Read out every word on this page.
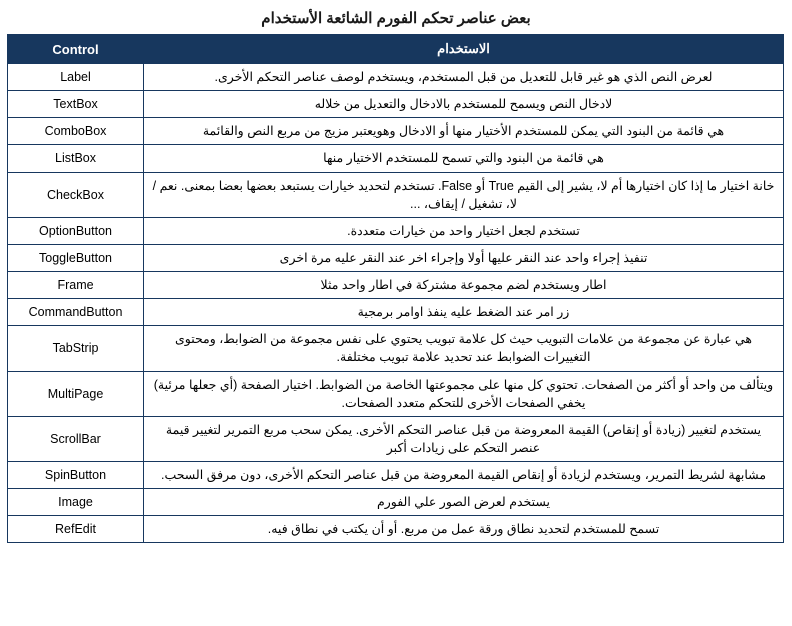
بعض عناصر تحكم الفورم الشائعة الأستخدام
الاستخدام	Control
لعرض النص الذي هو غير قابل للتعديل من قبل المستخدم، ويستخدم لوصف عناصر التحكم الأخرى.	Label
لادخال النص ويسمح للمستخدم بالادخال والتعديل من خلاله	TextBox
هي قائمة من البنود التي يمكن للمستخدم الأختيار منها أو الادخال وهويعتبر مزيج من مربع النص والقائمة	ComboBox
هي قائمة من البنود والتي تسمح للمستخدم الاختيار منها	ListBox
خانة اختيار ما إذا كان اختيارها أم لا، يشير إلى القيم True أو False. تستخدم لتحديد خيارات يستبعد بعضها بعضا بمعنى. نعم / لا، تشغيل / إيقاف، ...	CheckBox
تستخدم لجعل اختيار واحد من خيارات متعددة.	OptionButton
تنفيذ إجراء واحد عند النقر عليها أولا وإجراء اخر عند النقر عليه مرة اخرى	ToggleButton
اطار ويستخدم لضم مجموعة مشتركة في اطار واحد مثلا	Frame
زر امر عند الضغط عليه ينفذ اوامر برمجية	CommandButton
هي عبارة عن مجموعة من علامات التبويب حيث كل علامة تبويب يحتوي على نفس مجموعة من الضوابط، ومحتوى التغييرات الضوابط عند تحديد علامة تبويب مختلفة.	TabStrip
ويتألف من واحد أو أكثر من الصفحات. تحتوي كل منها على مجموعتها الخاصة من الضوابط. اختيار الصفحة (أي جعلها مرئية) يخفي الصفحات الأخرى للتحكم متعدد الصفحات.	MultiPage
يستخدم لتغيير (زيادة أو إنقاص) القيمة المعروضة من قبل عناصر التحكم الأخرى. يمكن سحب مربع التمرير لتغيير قيمة عنصر التحكم على زيادات أكبر	ScrollBar
مشابهة لشريط التمرير، ويستخدم لزيادة أو إنقاص القيمة المعروضة من قبل عناصر التحكم الأخرى، دون مرفق السحب.	SpinButton
يستخدم لعرض الصور علي الفورم	Image
تسمح للمستخدم لتحديد نطاق ورقة عمل من مربع. أو أن يكتب في نطاق فيه.	RefEdit
